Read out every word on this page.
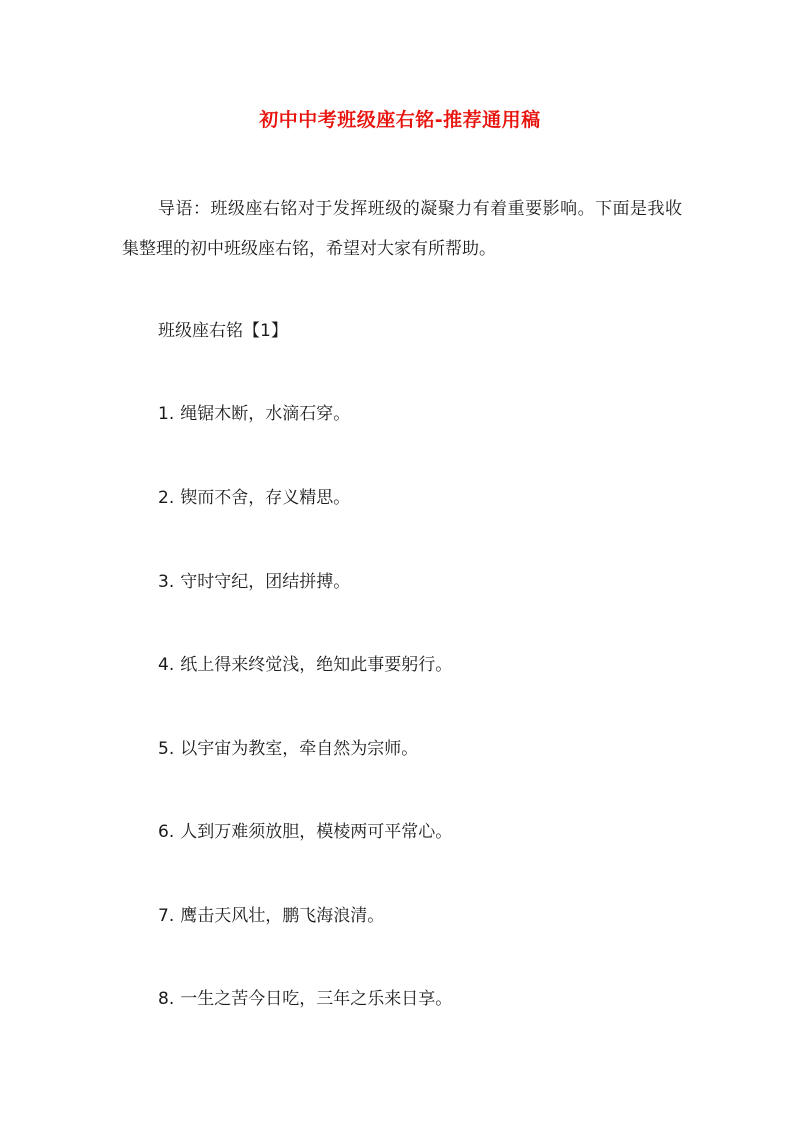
初中中考班级座右铭-推荐通用稿

导语：班级座右铭对于发挥班级的凝聚力有着重要影响。下面是我收集整理的初中班级座右铭，希望对大家有所帮助。

班级座右铭【1】

1. 绳锯木断，水滴石穿。

2. 锲而不舍，存义精思。

3. 守时守纪，团结拼搏。

4. 纸上得来终觉浅，绝知此事要躬行。

5. 以宇宙为教室，牵自然为宗师。

6. 人到万难须放胆，模棱两可平常心。

7. 鹰击天风壮，鹏飞海浪清。

8. 一生之苦今日吃，三年之乐来日享。
